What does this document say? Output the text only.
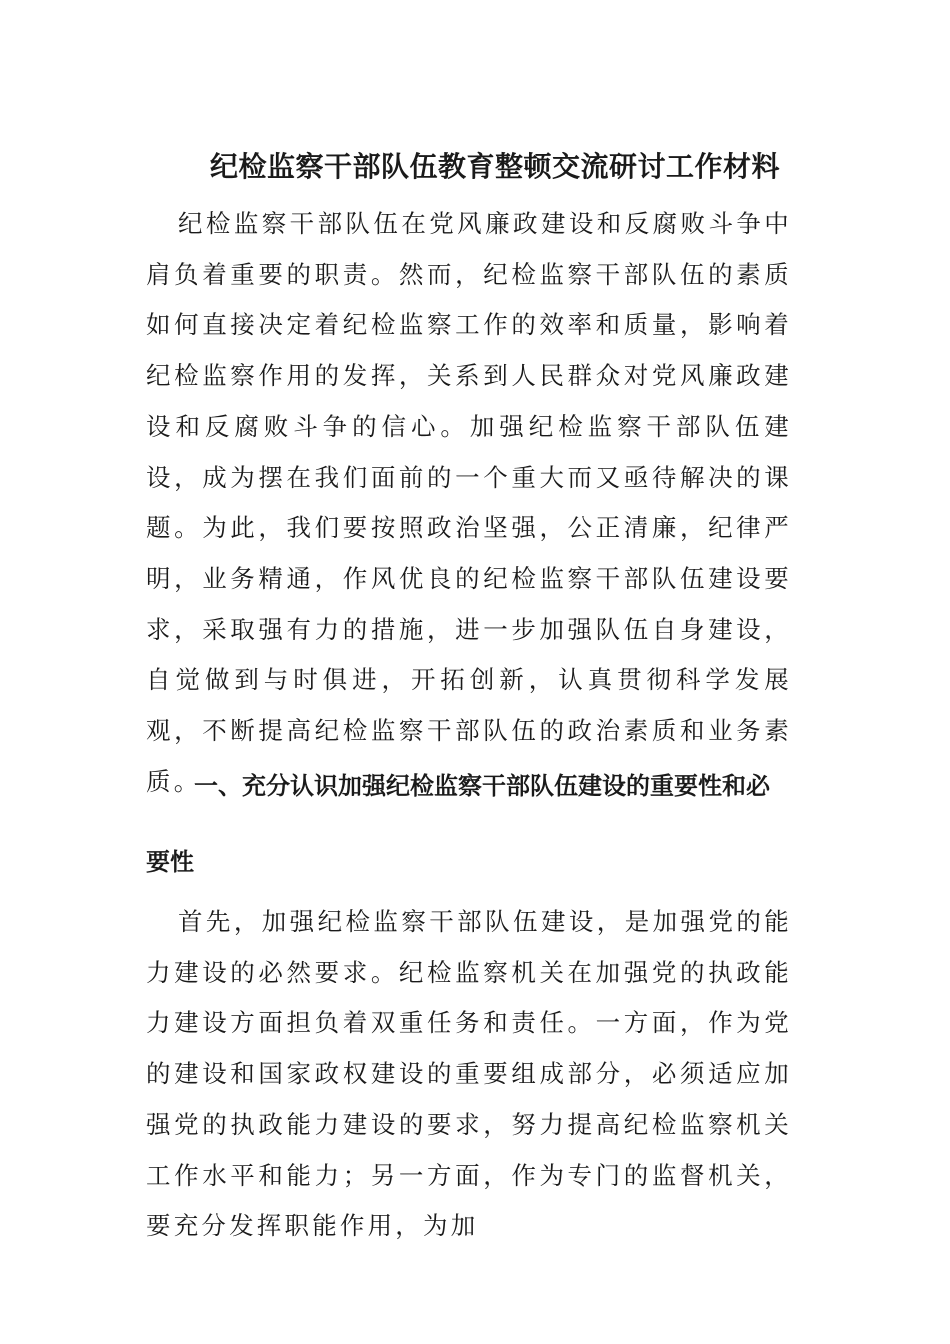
纪检监察干部队伍教育整顿交流研讨工作材料

纪检监察干部队伍在党风廉政建设和反腐败斗争中肩负着重要的职责。然而，纪检监察干部队伍的素质如何直接决定着纪检监察工作的效率和质量，影响着纪检监察作用的发挥，关系到人民群众对党风廉政建设和反腐败斗争的信心。加强纪检监察干部队伍建设，成为摆在我们面前的一个重大而又亟待解决的课题。为此，我们要按照政治坚强，公正清廉，纪律严明，业务精通，作风优良的纪检监察干部队伍建设要求，采取强有力的措施，进一步加强队伍自身建设，自觉做到与时俱进，开拓创新，认真贯彻科学发展观，不断提高纪检监察干部队伍的政治素质和业务素质。

一、充分认识加强纪检监察干部队伍建设的重要性和必要性

首先，加强纪检监察干部队伍建设，是加强党的能力建设的必然要求。纪检监察机关在加强党的执政能力建设方面担负着双重任务和责任。一方面，作为党的建设和国家政权建设的重要组成部分，必须适应加强党的执政能力建设的要求，努力提高纪检监察机关工作水平和能力；另一方面，作为专门的监督机关，要充分发挥职能作用，为加
